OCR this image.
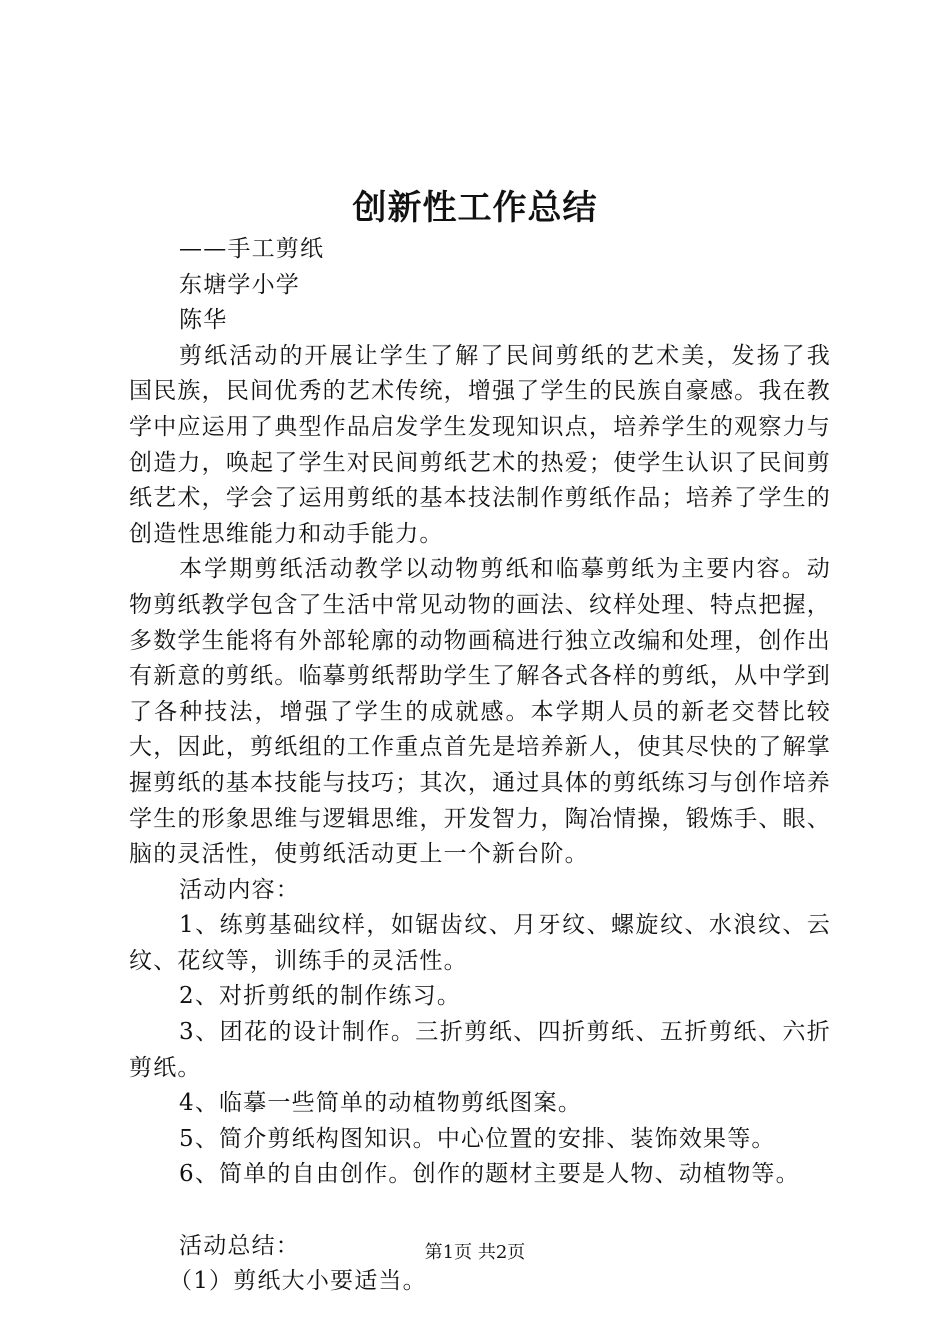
创新性工作总结

——手工剪纸

东塘学小学

陈华

剪纸活动的开展让学生了解了民间剪纸的艺术美，发扬了我国民族，民间优秀的艺术传统，增强了学生的民族自豪感。我在教学中应运用了典型作品启发学生发现知识点，培养学生的观察力与创造力，唤起了学生对民间剪纸艺术的热爱；使学生认识了民间剪纸艺术，学会了运用剪纸的基本技法制作剪纸作品；培养了学生的创造性思维能力和动手能力。

本学期剪纸活动教学以动物剪纸和临摹剪纸为主要内容。动物剪纸教学包含了生活中常见动物的画法、纹样处理、特点把握，多数学生能将有外部轮廓的动物画稿进行独立改编和处理，创作出有新意的剪纸。临摹剪纸帮助学生了解各式各样的剪纸，从中学到了各种技法，增强了学生的成就感。本学期人员的新老交替比较大，因此，剪纸组的工作重点首先是培养新人，使其尽快的了解掌握剪纸的基本技能与技巧；其次，通过具体的剪纸练习与创作培养学生的形象思维与逻辑思维，开发智力，陶冶情操，锻炼手、眼、脑的灵活性，使剪纸活动更上一个新台阶。

活动内容：

1、练剪基础纹样，如锯齿纹、月牙纹、螺旋纹、水浪纹、云纹、花纹等，训练手的灵活性。

2、对折剪纸的制作练习。

3、团花的设计制作。三折剪纸、四折剪纸、五折剪纸、六折剪纸。

4、临摹一些简单的动植物剪纸图案。

5、简介剪纸构图知识。中心位置的安排、装饰效果等。

6、简单的自由创作。创作的题材主要是人物、动植物等。

活动总结：

（1）剪纸大小要适当。

第1页 共2页
